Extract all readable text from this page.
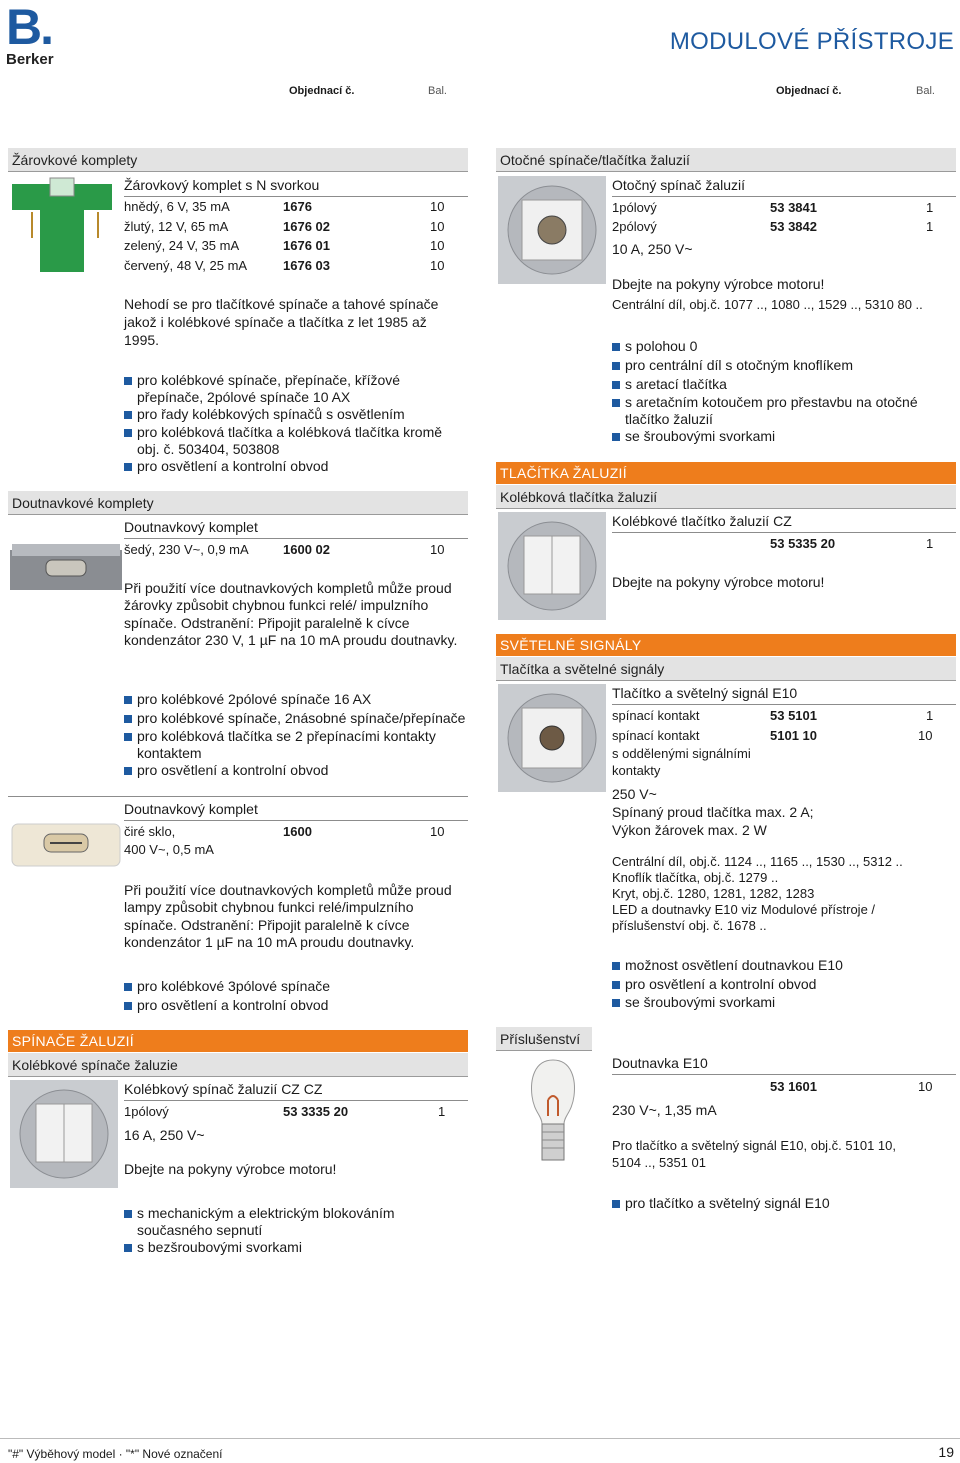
B.
Berker
MODULOVÉ PŘÍSTROJE
Objednací č.	Bal.	Objednací č.	Bal.
Žárovkové komplety
Žárovkový komplet s N svorkou
hnědý, 6 V, 35 mA	1676	10
žlutý, 12 V, 65 mA	1676 02	10
zelený, 24 V, 35 mA	1676 01	10
červený, 48 V, 25 mA	1676 03	10
Nehodí se pro tlačítkové spínače a tahové spínače jakož i kolébkové spínače a tlačítka z let 1985 až 1995.
pro kolébkové spínače, přepínače, křížové přepínače, 2pólové spínače 10 AX
pro řady kolébkových spínačů s osvětlením
pro kolébková tlačítka a kolébková tlačítka kromě obj. č. 503404, 503808
pro osvětlení a kontrolní obvod
Doutnavkové komplety
Doutnavkový komplet
šedý, 230 V~, 0,9 mA	1600 02	10
Při použití více doutnavkových kompletů může proud žárovky způsobit chybnou funkci relé/ impulzního spínače. Odstranění: Připojit paralelně k cívce kondenzátor 230 V, 1 µF na 10 mA proudu doutnavky.
pro kolébkové 2pólové spínače 16 AX
pro kolébkové spínače, 2násobné spínače/přepínače
pro kolébková tlačítka se 2 přepínacími kontakty kontaktem
pro osvětlení a kontrolní obvod
Doutnavkový komplet
čiré sklo,	1600	10
400 V~, 0,5 mA
Při použití více doutnavkových kompletů může proud lampy způsobit chybnou funkci relé/impulzního spínače. Odstranění: Připojit paralelně k cívce kondenzátor 1 µF na 10 mA proudu doutnavky.
pro kolébkové 3pólové spínače
pro osvětlení a kontrolní obvod
SPÍNAČE ŽALUZIÍ
Kolébkové spínače žaluzie
Kolébkový spínač žaluzií CZ CZ
1pólový	53 3335 20	1
16 A, 250 V~
Dbejte na pokyny výrobce motoru!
s mechanickým a elektrickým blokováním současného sepnutí
s bezšroubovými svorkami
Otočné spínače/tlačítka žaluzií
Otočný spínač žaluzií
1pólový	53 3841	1
2pólový	53 3842	1
10 A, 250 V~
Dbejte na pokyny výrobce motoru!
Centrální díl, obj.č. 1077 .., 1080 .., 1529 .., 5310 80 ..
s polohou 0
pro centrální díl s otočným knoflíkem
s aretací tlačítka
s aretačním kotoučem pro přestavbu na otočné tlačítko žaluzií
se šroubovými svorkami
TLAČÍTKA ŽALUZIÍ
Kolébková tlačítka žaluzií
Kolébkové tlačítko žaluzií CZ
53 5335 20	1
Dbejte na pokyny výrobce motoru!
SVĚTELNÉ SIGNÁLY
Tlačítka a světelné signály
Tlačítko a světelný signál E10
spínací kontakt	53 5101	1
spínací kontakt	5101 10	10
s oddělenými signálními kontakty
250 V~
Spínaný proud tlačítka max. 2 A;
Výkon žárovek max. 2 W
Centrální díl, obj.č. 1124 .., 1165 .., 1530 .., 5312 ..
Knoflík tlačítka, obj.č. 1279 ..
Kryt, obj.č. 1280, 1281, 1282, 1283
LED a doutnavky E10 viz Modulové přístroje /
příslušenství obj. č. 1678 ..
možnost osvětlení doutnavkou E10
pro osvětlení a kontrolní obvod
se šroubovými svorkami
Příslušenství
Doutnavka E10
53 1601	10
230 V~, 1,35 mA
Pro tlačítko a světelný signál E10, obj.č. 5101 10, 5104 .., 5351 01
pro tlačítko a světelný signál E10
"#" Výběhový model · "*" Nové označení	19
